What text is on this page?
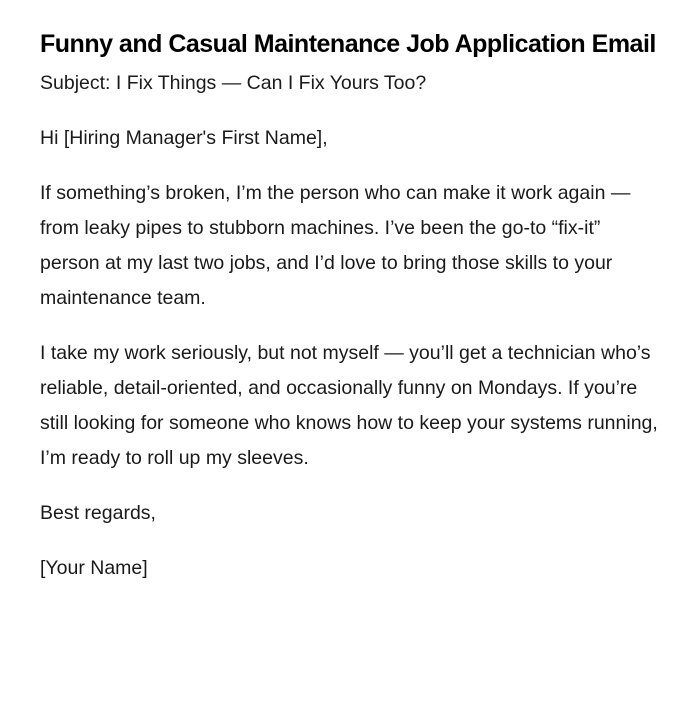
Funny and Casual Maintenance Job Application Email

Subject: I Fix Things — Can I Fix Yours Too?

Hi [Hiring Manager's First Name],

If something’s broken, I’m the person who can make it work again — from leaky pipes to stubborn machines. I’ve been the go-to “fix-it” person at my last two jobs, and I’d love to bring those skills to your maintenance team.

I take my work seriously, but not myself — you’ll get a technician who’s reliable, detail-oriented, and occasionally funny on Mondays. If you’re still looking for someone who knows how to keep your systems running, I’m ready to roll up my sleeves.

Best regards,

[Your Name]
